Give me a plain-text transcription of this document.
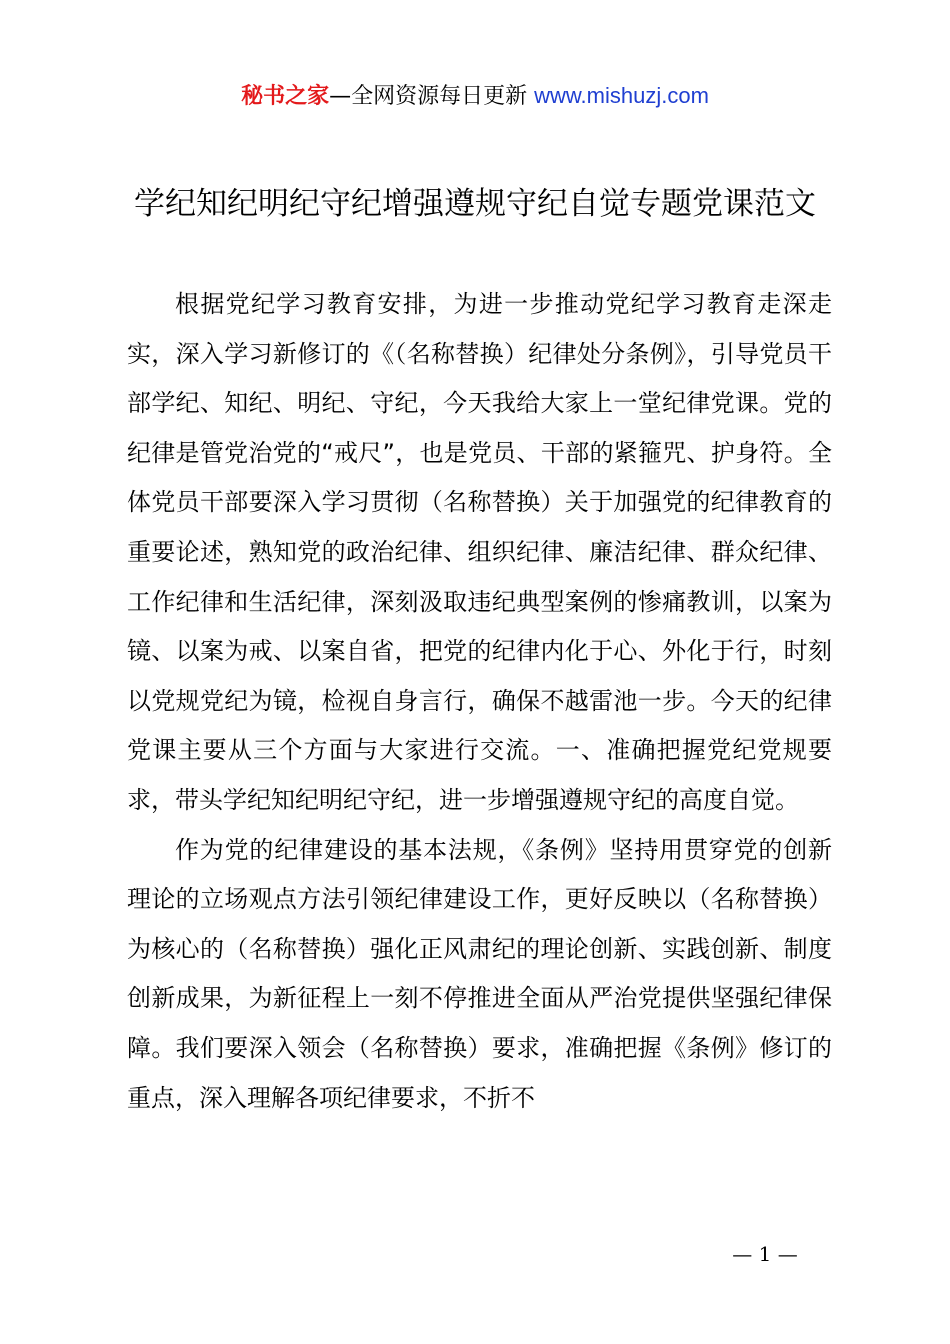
秘书之家—全网资源每日更新 www.mishuzj.com
学纪知纪明纪守纪增强遵规守纪自觉专题党课范文

根据党纪学习教育安排，为进一步推动党纪学习教育走深走实，深入学习新修订的《（名称替换）纪律处分条例》，引导党员干部学纪、知纪、明纪、守纪，今天我给大家上一堂纪律党课。党的纪律是管党治党的“戒尺”，也是党员、干部的紧箍咒、护身符。全体党员干部要深入学习贯彻（名称替换）关于加强党的纪律教育的重要论述，熟知党的政治纪律、组织纪律、廉洁纪律、群众纪律、工作纪律和生活纪律，深刻汲取违纪典型案例的惨痛教训，以案为镜、以案为戒、以案自省，把党的纪律内化于心、外化于行，时刻以党规党纪为镜，检视自身言行，确保不越雷池一步。今天的纪律党课主要从三个方面与大家进行交流。一、准确把握党纪党规要求，带头学纪知纪明纪守纪，进一步增强遵规守纪的高度自觉。

作为党的纪律建设的基本法规，《条例》坚持用贯穿党的创新理论的立场观点方法引领纪律建设工作，更好反映以（名称替换）为核心的（名称替换）强化正风肃纪的理论创新、实践创新、制度创新成果，为新征程上一刻不停推进全面从严治党提供坚强纪律保障。我们要深入领会（名称替换）要求，准确把握《条例》修订的重点，深入理解各项纪律要求，不折不

— 1 —
